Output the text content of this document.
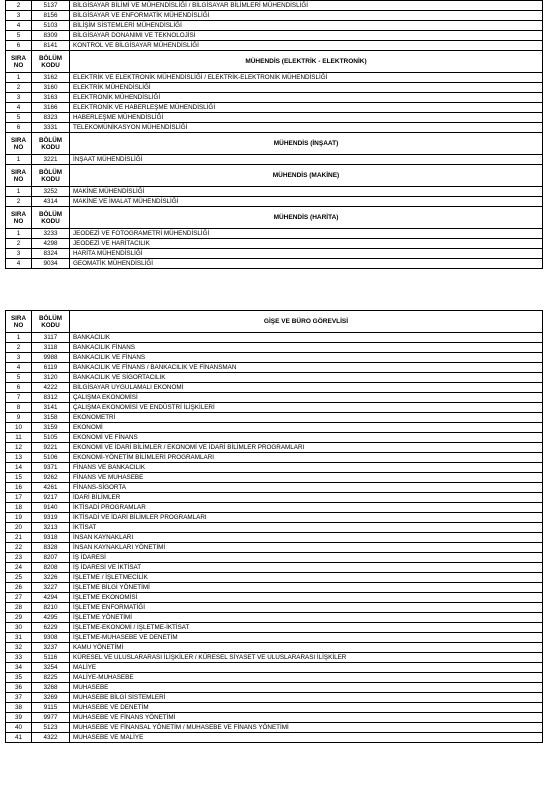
2	5137	BİLGİSAYAR BİLİMİ VE MÜHENDİSLİĞİ / BİLGİSAYAR BİLİMLERİ MÜHENDİSLİĞİ
3	8156	BİLGİSAYAR VE ENFORMATİK MÜHENDİSLİĞİ
4	5103	BİLİŞİM SİSTEMLERİ MÜHENDİSLİĞİ
5	8309	BİLGİSAYAR DONANIMI VE TEKNOLOJİSİ
6	8141	KONTROL VE BİLGİSAYAR MÜHENDİSLİĞİ
SIRA NO	BÖLÜM KODU	MÜHENDİS (ELEKTRİK - ELEKTRONİK)
1	3162	ELEKTRİK VE ELEKTRONİK MÜHENDİSLİĞİ / ELEKTRİK-ELEKTRONİK MÜHENDİSLİĞİ
2	3160	ELEKTRİK MÜHENDİSLİĞİ
3	3163	ELEKTRONİK MÜHENDİSLİĞİ
4	3166	ELEKTRONİK VE HABERLEŞME MÜHENDİSLİĞİ
5	8323	HABERLEŞME MÜHENDİSLİĞİ
6	3331	TELEKOMÜNİKASYON MÜHENDİSLİĞİ
SIRA NO	BÖLÜM KODU	MÜHENDİS (İNŞAAT)
1	3221	İNŞAAT MÜHENDİSLİĞİ
SIRA NO	BÖLÜM KODU	MÜHENDİS (MAKİNE)
1	3252	MAKİNE MÜHENDİSLİĞİ
2	4314	MAKİNE VE İMALAT MÜHENDİSLİĞİ
SIRA NO	BÖLÜM KODU	MÜHENDİS (HARİTA)
1	3233	JEODEZİ VE FOTOGRAMETRİ MÜHENDİSLİĞİ
2	4298	JEODEZİ VE HARİTACILIK
3	8324	HARİTA MÜHENDİSLİĞİ
4	9034	GEOMATİK MÜHENDİSLİĞİ
SIRA NO	BÖLÜM KODU	GİŞE VE BÜRO GÖREVLİSİ
1	3117	BANKACILIK
2	3118	BANKACILIK FİNANS
3	9988	BANKACILIK VE FİNANS
4	6119	BANKACILIK VE FİNANS / BANKACILIK VE FİNANSMAN
5	3120	BANKACILIK VE SİGORTACILIK
6	4222	BİLGİSAYAR UYGULAMALI EKONOMİ
7	8312	ÇALIŞMA EKONOMİSİ
8	3141	ÇALIŞMA EKONOMİSİ VE ENDÜSTRİ İLİŞKİLERİ
9	3158	EKONOMETRİ
10	3159	EKONOMİ
11	5105	EKONOMİ VE FİNANS
12	9221	EKONOMİ VE İDARİ BİLİMLER / EKONOMİ VE İDARİ BİLİMLER PROGRAMLARI
13	5106	EKONOMİ-YÖNETİM BİLİMLERİ PROGRAMLARI
14	9371	FİNANS VE BANKACILIK
15	9262	FİNANS VE MUHASEBE
16	4261	FİNANS-SİGORTA
17	9217	İDARİ BİLİMLER
18	9140	İKTİSADİ PROGRAMLAR
19	9319	İKTİSADİ VE İDARİ BİLİMLER PROGRAMLARI
20	3213	İKTİSAT
21	9318	İNSAN KAYNAKLARI
22	8328	İNSAN KAYNAKLARI YÖNETİMİ
23	8207	İŞ İDARESİ
24	8208	İŞ İDARESİ VE İKTİSAT
25	3226	İŞLETME / İŞLETMECİLİK
26	3227	İŞLETME BİLGİ YÖNETİMİ
27	4294	İŞLETME EKONOMİSİ
28	8210	İŞLETME ENFORMATİĞİ
29	4295	İŞLETME YÖNETİMİ
30	6229	İŞLETME-EKONOMİ / İŞLETME-İKTİSAT
31	9308	İŞLETME-MUHASEBE VE DENETİM
32	3237	KAMU YÖNETİMİ
33	5116	KÜRESEL VE ULUSLARARASI İLİŞKİLER / KÜRESEL SİYASET VE ULUSLARARASI İLİŞKİLER
34	3254	MALİYE
35	8225	MALİYE-MUHASEBE
36	3268	MUHASEBE
37	3269	MUHASEBE BİLGİ SİSTEMLERİ
38	9115	MUHASEBE VE DENETİM
39	9977	MUHASEBE VE FİNANS YÖNETİMİ
40	5123	MUHASEBE VE FİNANSAL YÖNETİM / MUHASEBE VE FİNANS YÖNETİMİ
41	4322	MUHASEBE VE MALİYE
